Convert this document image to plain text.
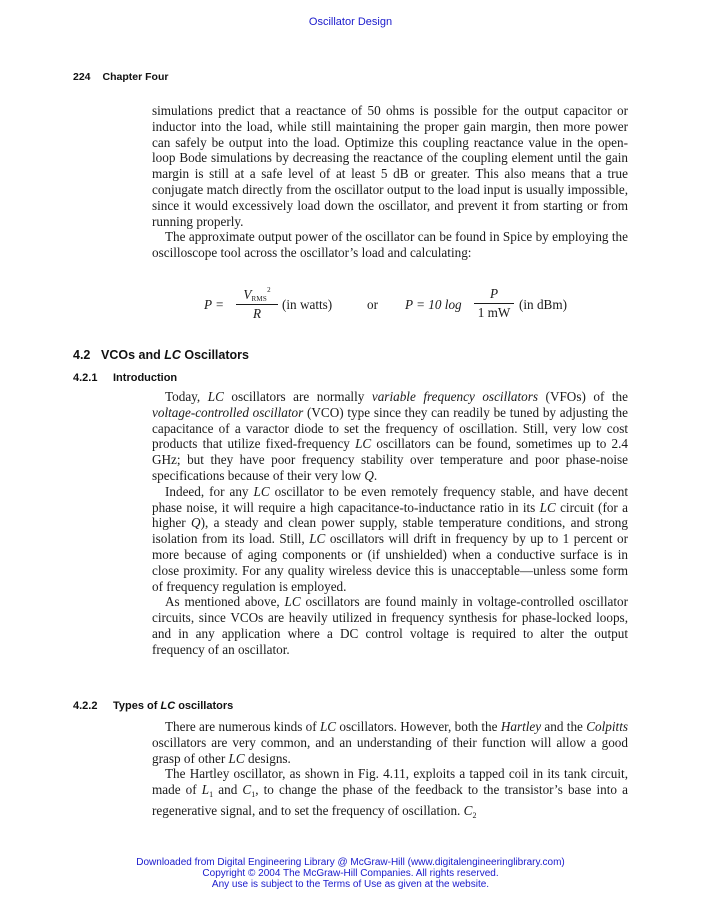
Oscillator Design
224 Chapter Four

simulations predict that a reactance of 50 ohms is possible for the output capacitor or inductor into the load, while still maintaining the proper gain margin, then more power can safely be output into the load. Optimize this coupling reactance value in the open-loop Bode simulations by decreasing the reactance of the coupling element until the gain margin is still at a safe level of at least 5 dB or greater. This also means that a true conjugate match directly from the oscillator output to the load input is usually impossible, since it would excessively load down the oscillator, and prevent it from starting or from running properly.

The approximate output power of the oscillator can be found in Spice by employing the oscilloscope tool across the oscillator’s load and calculating:

P =
$V_{RMS}^2$
R
(in watts)	or P = 10 $\log \frac{P}{1 mW} (in$ dBm)
4.2 VCOs and LC Oscillators
4.2.1 Introduction

Today, LC oscillators are normally variable frequency oscillators (VFOs) of the voltage-controlled oscillator (VCO) type since they can readily be tuned by adjusting the capacitance of a varactor diode to set the frequency of oscillation. Still, very low cost products that utilize fixed-frequency LC oscillators can be found, sometimes up to 2.4 GHz; but they have poor frequency stability over temperature and poor phase-noise specifications because of their very low Q.

Indeed, for any LC oscillator to be even remotely frequency stable, and have decent phase noise, it will require a high capacitance-to-inductance ratio in its LC circuit (for a higher Q), a steady and clean power supply, stable temperature conditions, and strong isolation from its load. Still, LC oscillators will drift in frequency by up to 1 percent or more because of aging components or (if unshielded) when a conductive surface is in close proximity. For any quality wireless device this is unacceptable—unless some form of frequency regulation is employed.

As mentioned above, LC oscillators are found mainly in voltage-controlled oscillator circuits, since VCOs are heavily utilized in frequency synthesis for phase-locked loops, and in any application where a DC control voltage is required to alter the output frequency of an oscillator.

4.2.2 Types of LC oscillators

There are numerous kinds of LC oscillators. However, both the Hartley and the Colpitts oscillators are very common, and an understanding of their function will allow a good grasp of other LC designs.

The Hartley oscillator, as shown in Fig. 4.11, exploits a tapped coil in its tank circuit, made of $L_1$ and $C_1$, to change the phase of the feedback to the transistor’s base into a regenerative signal, and to set the frequency of oscillation. $C_2$

Downloaded from Digital Engineering Library @ McGraw-Hill (www.digitalengineeringlibrary.com)
Copyright © 2004 The McGraw-Hill Companies. All rights reserved.
Any use is subject to the Terms of Use as given at the website.
